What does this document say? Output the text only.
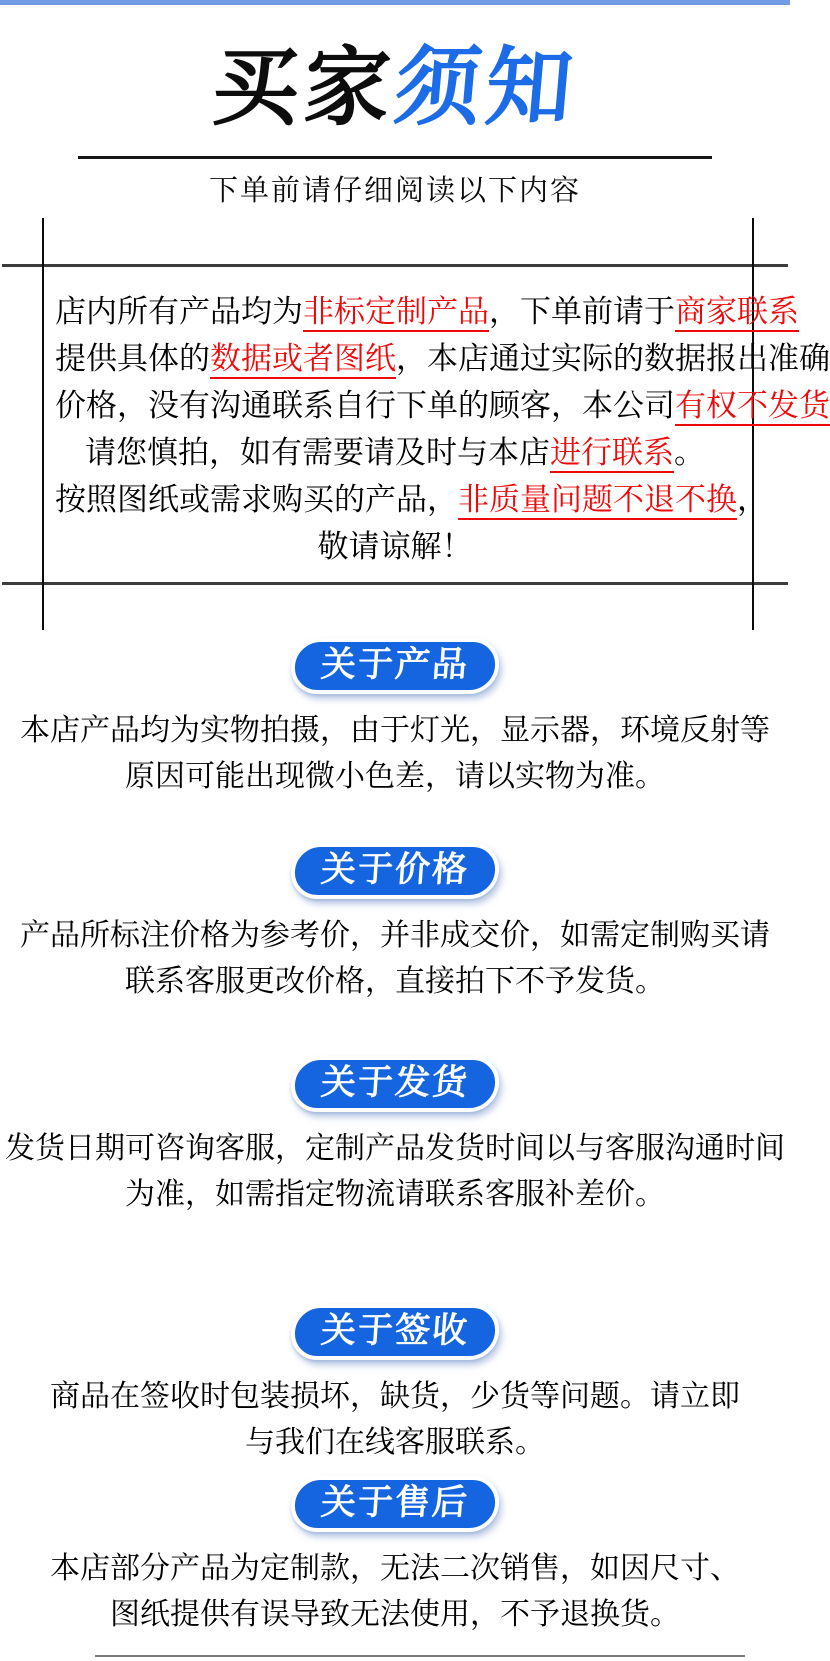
买家须知
下单前请仔细阅读以下内容
店内所有产品均为非标定制产品，下单前请于商家联系
提供具体的数据或者图纸，本店通过实际的数据报出准确
价格，没有沟通联系自行下单的顾客，本公司有权不发货
请您慎拍，如有需要请及时与本店进行联系。
按照图纸或需求购买的产品，非质量问题不退不换，
敬请谅解！
关于产品
本店产品均为实物拍摄，由于灯光，显示器，环境反射等
原因可能出现微小色差，请以实物为准。
关于价格
产品所标注价格为参考价，并非成交价，如需定制购买请
联系客服更改价格，直接拍下不予发货。
关于发货
发货日期可咨询客服，定制产品发货时间以与客服沟通时间
为准，如需指定物流请联系客服补差价。
关于签收
商品在签收时包装损坏，缺货，少货等问题。请立即
与我们在线客服联系。
关于售后
本店部分产品为定制款，无法二次销售，如因尺寸、
图纸提供有误导致无法使用，不予退换货。
